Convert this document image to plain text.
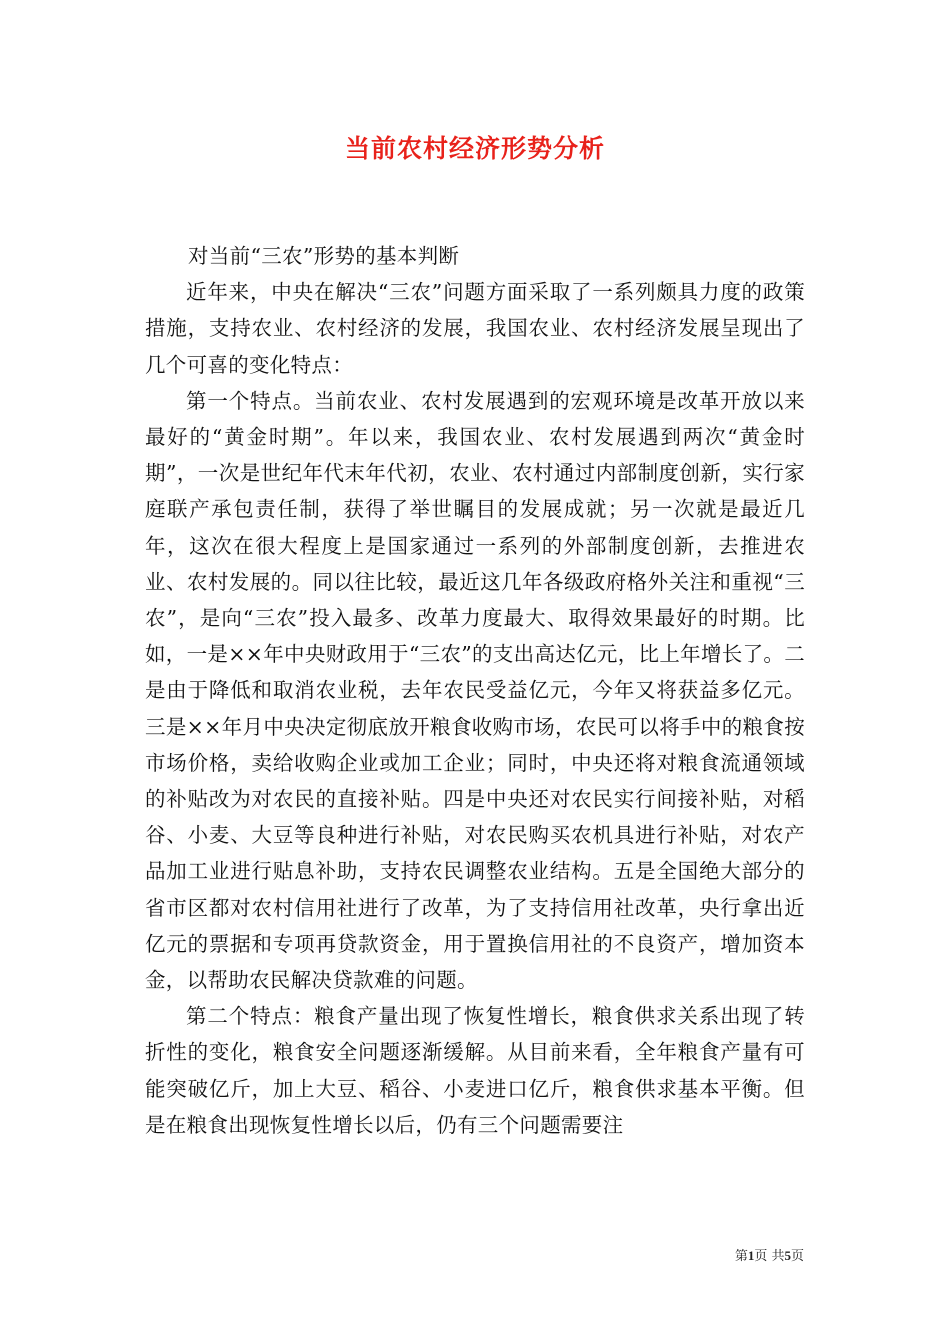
当前农村经济形势分析

对当前“三农”形势的基本判断

近年来，中央在解决“三农”问题方面采取了一系列颇具力度的政策措施，支持农业、农村经济的发展，我国农业、农村经济发展呈现出了几个可喜的变化特点：

第一个特点。当前农业、农村发展遇到的宏观环境是改革开放以来最好的“黄金时期”。年以来，我国农业、农村发展遇到两次“黄金时期”，一次是世纪年代末年代初，农业、农村通过内部制度创新，实行家庭联产承包责任制，获得了举世瞩目的发展成就；另一次就是最近几年，这次在很大程度上是国家通过一系列的外部制度创新，去推进农业、农村发展的。同以往比较，最近这几年各级政府格外关注和重视“三农”，是向“三农”投入最多、改革力度最大、取得效果最好的时期。比如，一是××年中央财政用于“三农”的支出高达亿元，比上年增长了。二是由于降低和取消农业税，去年农民受益亿元，今年又将获益多亿元。三是××年月中央决定彻底放开粮食收购市场，农民可以将手中的粮食按市场价格，卖给收购企业或加工企业；同时，中央还将对粮食流通领域的补贴改为对农民的直接补贴。四是中央还对农民实行间接补贴，对稻谷、小麦、大豆等良种进行补贴，对农民购买农机具进行补贴，对农产品加工业进行贴息补助，支持农民调整农业结构。五是全国绝大部分的省市区都对农村信用社进行了改革，为了支持信用社改革，央行拿出近亿元的票据和专项再贷款资金，用于置换信用社的不良资产，增加资本金，以帮助农民解决贷款难的问题。

第二个特点：粮食产量出现了恢复性增长，粮食供求关系出现了转折性的变化，粮食安全问题逐渐缓解。从目前来看，全年粮食产量有可能突破亿斤，加上大豆、稻谷、小麦进口亿斤，粮食供求基本平衡。但是在粮食出现恢复性增长以后，仍有三个问题需要注

第1页 共5页
